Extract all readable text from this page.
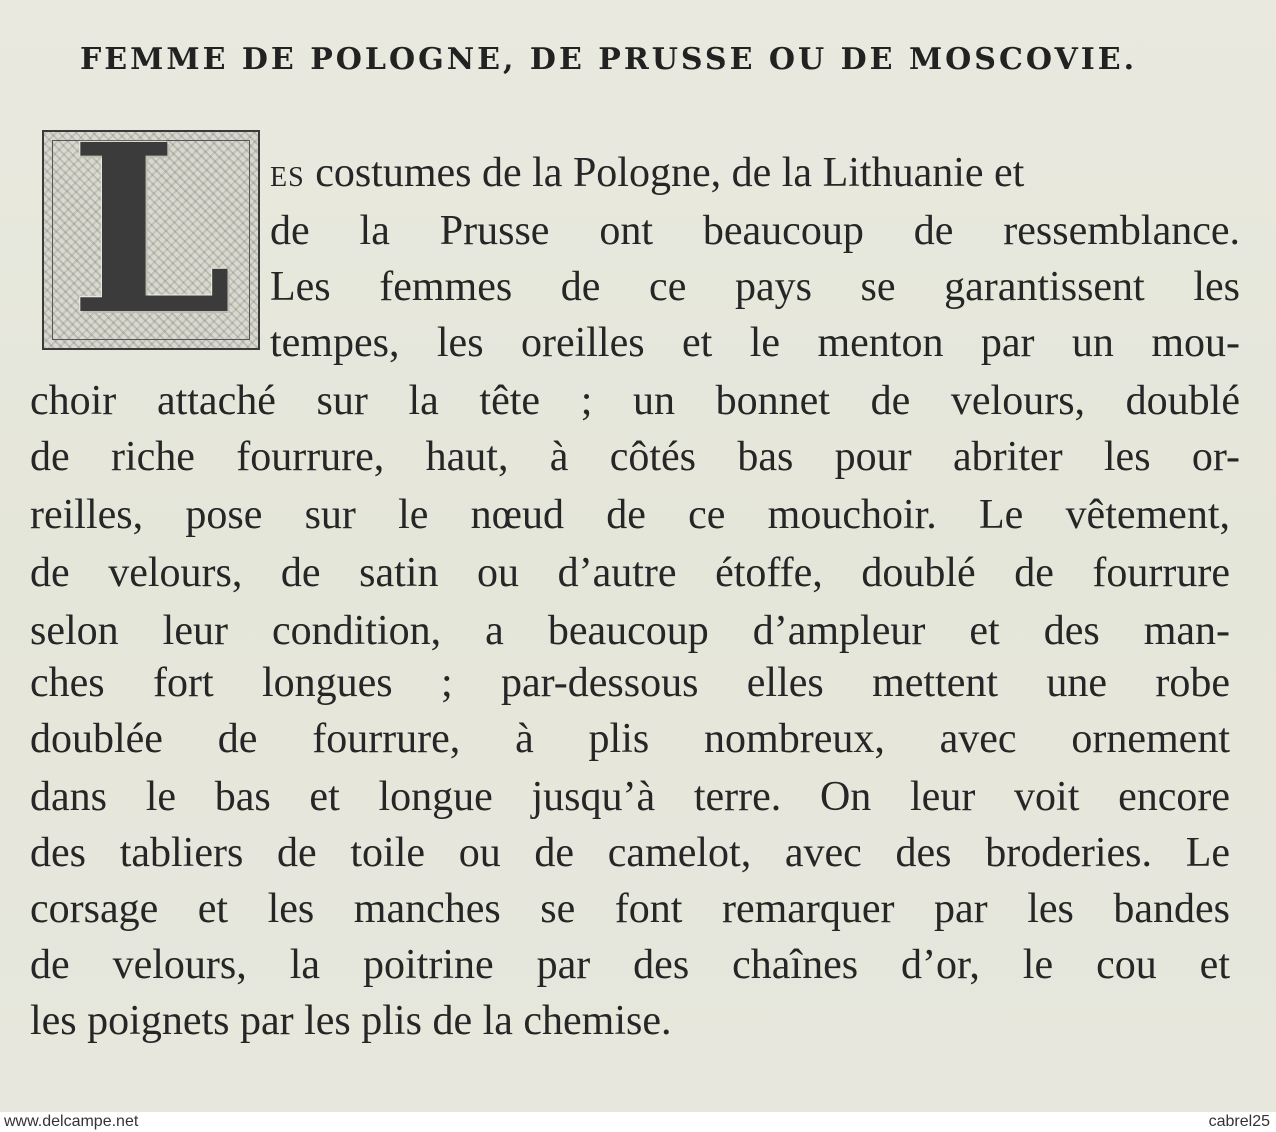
FEMME DE POLOGNE, DE PRUSSE OU DE MOSCOVIE.
L	ES costumes de la Pologne, de la Lithuanie et
de la Prusse ont beaucoup de ressemblance.
Les femmes de ce pays se garantissent les
tempes, les oreilles et le menton par un mou-
choir attaché sur la tête ; un bonnet de velours, doublé
de riche fourrure, haut, à côtés bas pour abriter les or-
reilles, pose sur le nœud de ce mouchoir. Le vêtement,
de velours, de satin ou d’autre étoffe, doublé de fourrure
selon leur condition, a beaucoup d’ampleur et des man-
ches fort longues ; par-dessous elles mettent une robe
doublée de fourrure, à plis nombreux, avec ornement
dans le bas et longue jusqu’à terre. On leur voit encore
des tabliers de toile ou de camelot, avec des broderies. Le
corsage et les manches se font remarquer par les bandes
de velours, la poitrine par des chaînes d’or, le cou et
les poignets par les plis de la chemise.
www.delcampe.net	cabrel25
